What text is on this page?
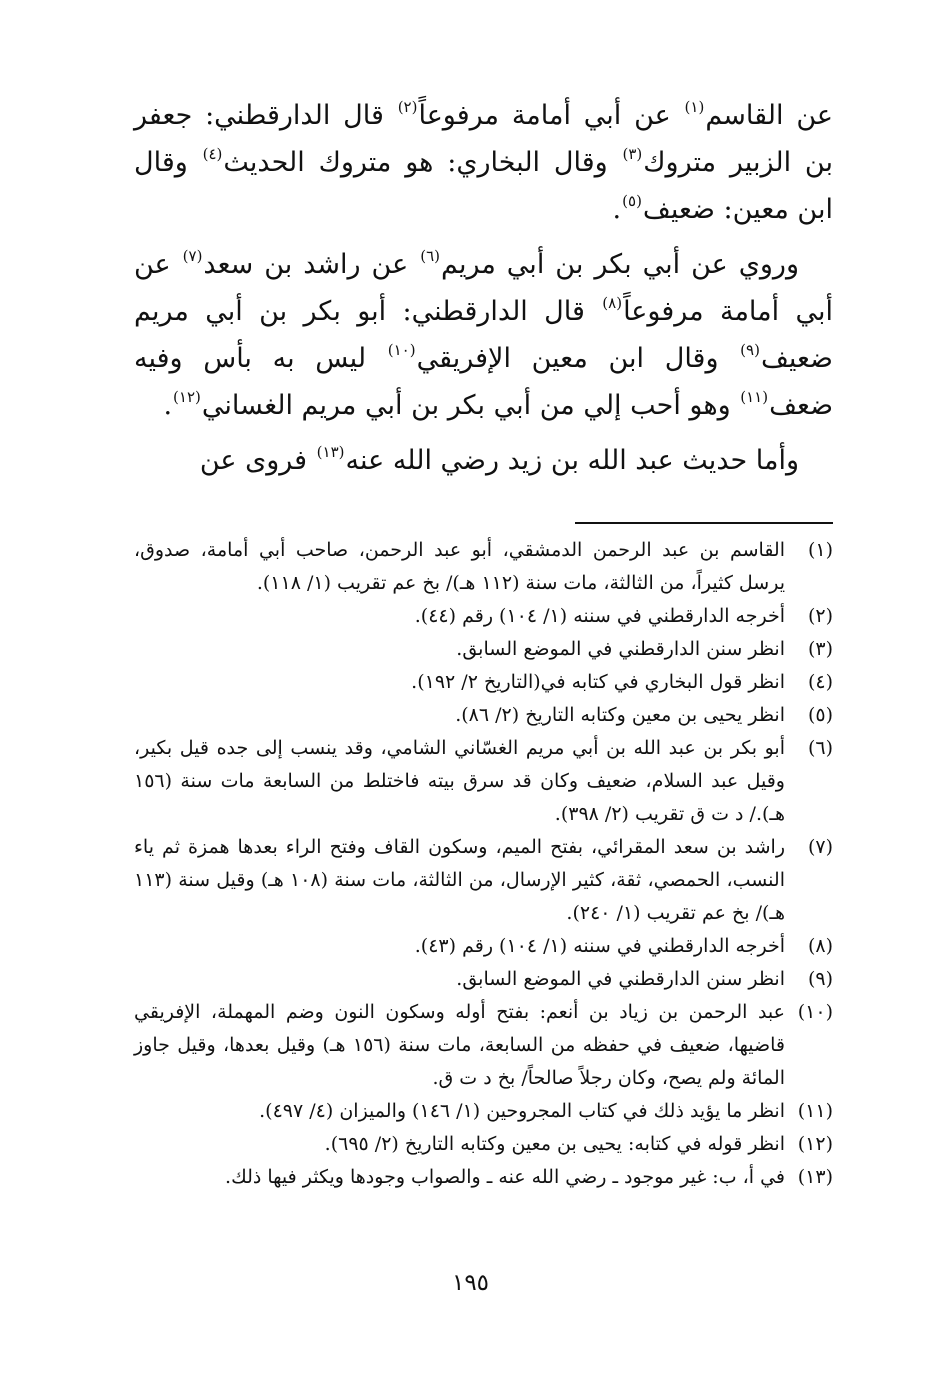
عن القاسم$^{(١)}$ عن أبي أمامة مرفوعاً$^{(٢)}$ قال الدارقطني: جعفر بن الزبير متروك$^{(٣)}$ وقال البخاري: هو متروك الحديث$^{(٤)}$ وقال ابن معين: ضعيف$^{(٥)}$.

وروي عن أبي بكر بن أبي مريم$^{(٦)}$ عن راشد بن سعد$^{(٧)}$ عن أبي أمامة مرفوعاً$^{(٨)}$ قال الدارقطني: أبو بكر بن أبي مريم ضعيف$^{(٩)}$ وقال ابن معين الإفريقي$^{(١٠)}$ ليس به بأس وفيه ضعف$^{(١١)}$ وهو أحب إلي من أبي بكر بن أبي مريم الغساني$^{(١٢)}$.

وأما حديث عبد الله بن زيد رضي الله عنه$^{(١٣)}$ فروى عن

(١)
القاسم بن عبد الرحمن الدمشقي، أبو عبد الرحمن، صاحب أبي أمامة، صدوق، يرسل كثيراً، من الثالثة، مات سنة (١١٢ هـ)/ بخ عم تقريب (١/ ١١٨).
(٢)
أخرجه الدارقطني في سننه (١/ ١٠٤) رقم (٤٤).
(٣)
انظر سنن الدارقطني في الموضع السابق.
(٤)
انظر قول البخاري في كتابه في(التاريخ ٢/ ١٩٢).
(٥)
انظر يحيى بن معين وكتابه التاريخ (٢/ ٨٦).
(٦)
أبو بكر بن عبد الله بن أبي مريم الغسّاني الشامي، وقد ينسب إلى جده قيل بكير، وقيل عبد السلام، ضعيف وكان قد سرق بيته فاختلط من السابعة مات سنة (١٥٦ هـ)./ د ت ق تقريب (٢/ ٣٩٨).
(٧)
راشد بن سعد المقرائي، بفتح الميم، وسكون القاف وفتح الراء بعدها همزة ثم ياء النسب، الحمصي، ثقة، كثير الإرسال، من الثالثة، مات سنة (١٠٨ هـ) وقيل سنة (١١٣ هـ)/ بخ عم تقريب (١/ ٢٤٠).
(٨)
أخرجه الدارقطني في سننه (١/ ١٠٤) رقم (٤٣).
(٩)
انظر سنن الدارقطني في الموضع السابق.
(١٠)
عبد الرحمن بن زياد بن أنعم: بفتح أوله وسكون النون وضم المهملة، الإفريقي قاضيها، ضعيف في حفظه من السابعة، مات سنة (١٥٦ هـ) وقيل بعدها، وقيل جاوز المائة ولم يصح، وكان رجلاً صالحاً/ بخ د ت ق.
(١١)
انظر ما يؤيد ذلك في كتاب المجروحين (١/ ١٤٦) والميزان (٤/ ٤٩٧).
(١٢)
انظر قوله في كتابه: يحيى بن معين وكتابه التاريخ (٢/ ٦٩٥).
(١٣)
في أ، ب: غير موجود ـ رضي الله عنه ـ والصواب وجودها ويكثر فيها ذلك.
١٩٥
